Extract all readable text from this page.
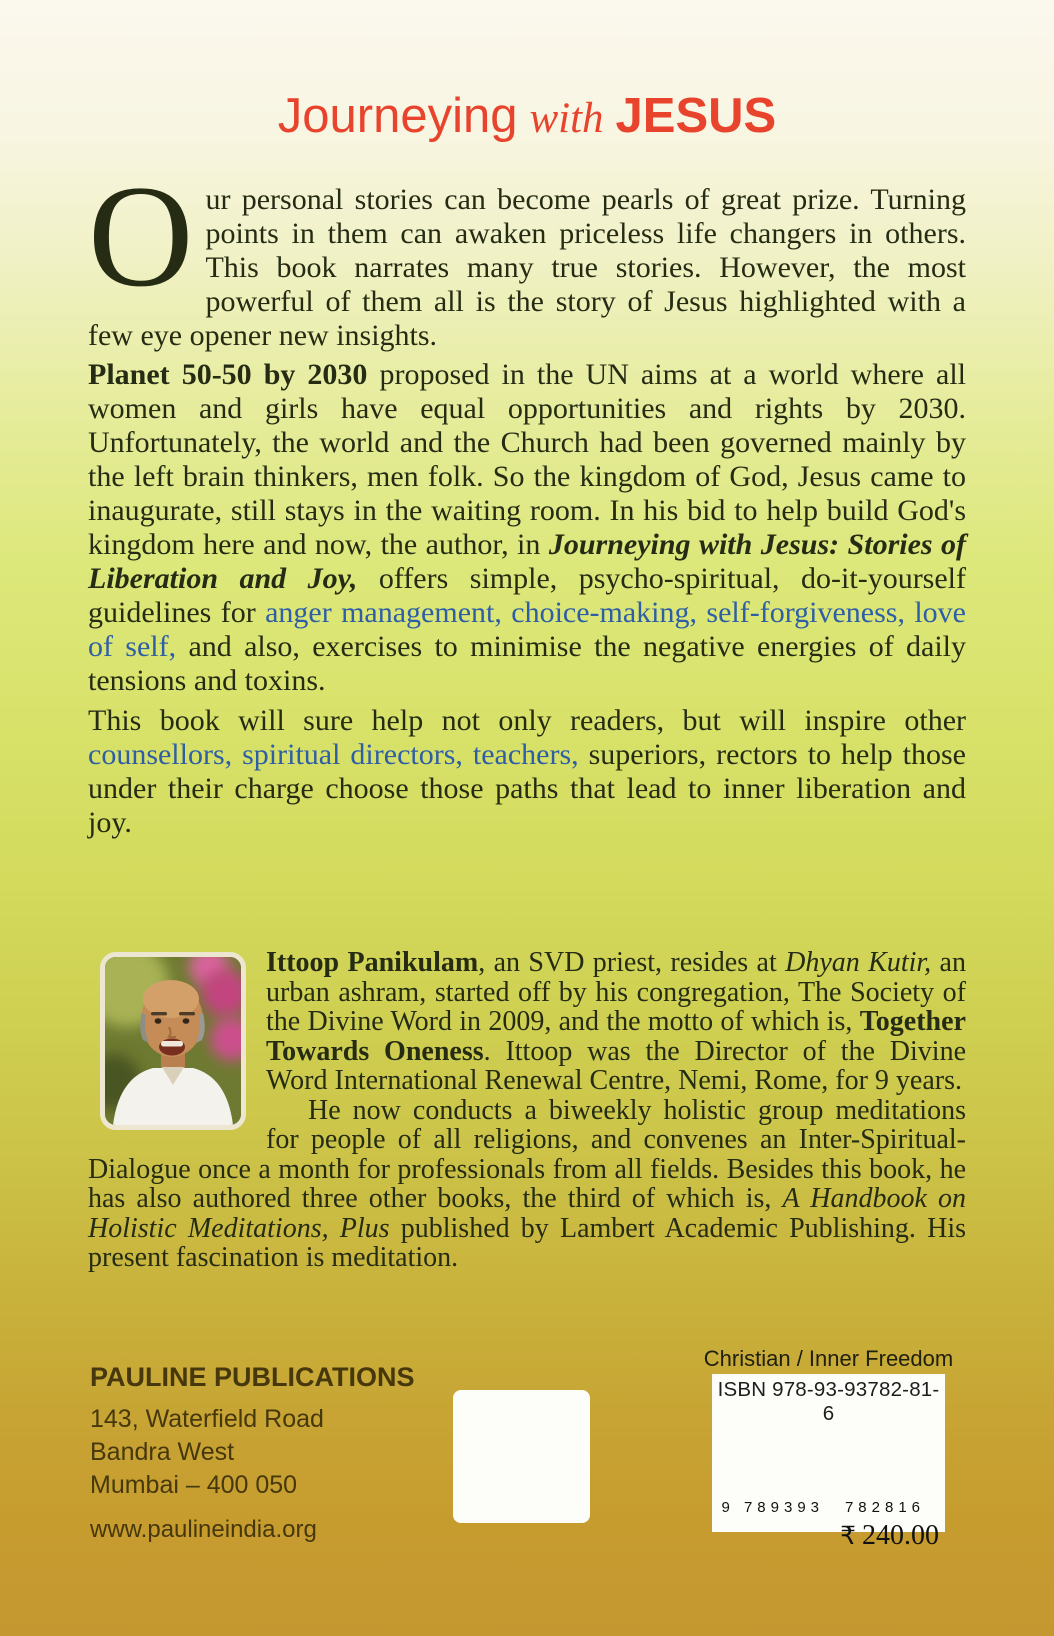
Journeying with JESUS

Our personal stories can become pearls of great prize. Turning points in them can awaken priceless life changers in others. This book narrates many true stories. However, the most powerful of them all is the story of Jesus highlighted with a few eye opener new insights.

Planet 50-50 by 2030 proposed in the UN aims at a world where all women and girls have equal opportunities and rights by 2030. Unfortunately, the world and the Church had been governed mainly by the left brain thinkers, men folk. So the kingdom of God, Jesus came to inaugurate, still stays in the waiting room. In his bid to help build God's kingdom here and now, the author, in Journeying with Jesus: Stories of Liberation and Joy, offers simple, psycho-spiritual, do-it-yourself guidelines for anger management, choice-making, self-forgiveness, love of self, and also, exercises to minimise the negative energies of daily tensions and toxins.

This book will sure help not only readers, but will inspire other counsellors, spiritual directors, teachers, superiors, rectors to help those under their charge choose those paths that lead to inner liberation and joy.

Ittoop Panikulam, an SVD priest, resides at Dhyan Kutir, an urban ashram, started off by his congregation, The Society of the Divine Word in 2009, and the motto of which is, Together Towards Oneness. Ittoop was the Director of the Divine Word International Renewal Centre, Nemi, Rome, for 9 years.

He now conducts a biweekly holistic group meditations for people of all religions, and convenes an Inter-Spiritual-Dialogue once a month for professionals from all fields. Besides this book, he has also authored three other books, the third of which is, A Handbook on Holistic Meditations, Plus published by Lambert Academic Publishing. His present fascination is meditation.

PAULINE PUBLICATIONS
143, Waterfield Road
Bandra West
Mumbai – 400 050
www.paulineindia.org
Christian / Inner Freedom
ISBN 978-93-93782-81-6
9 789393	782816
₹ 240.00
